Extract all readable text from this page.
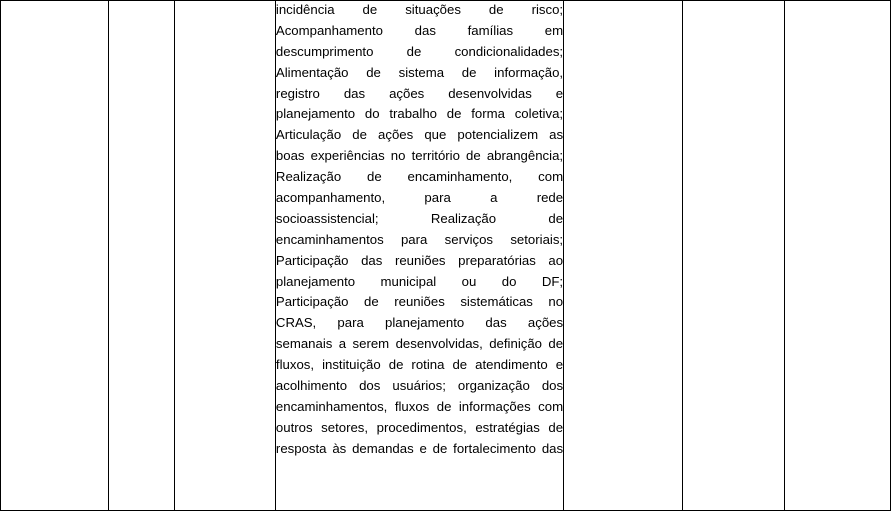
incidência de situações de risco;
Acompanhamento das famílias em
descumprimento de condicionalidades;
Alimentação de sistema de informação,
registro das ações desenvolvidas e
planejamento do trabalho de forma coletiva;
Articulação de ações que potencializem as
boas experiências no território de abrangência;
Realização de encaminhamento, com
acompanhamento, para a rede
socioassistencial; Realização de
encaminhamentos para serviços setoriais;
Participação das reuniões preparatórias ao
planejamento municipal ou do DF;
Participação de reuniões sistemáticas no
CRAS, para planejamento das ações
semanais a serem desenvolvidas, definição de
fluxos, instituição de rotina de atendimento e
acolhimento dos usuários; organização dos
encaminhamentos, fluxos de informações com
outros setores, procedimentos, estratégias de
resposta às demandas e de fortalecimento das
